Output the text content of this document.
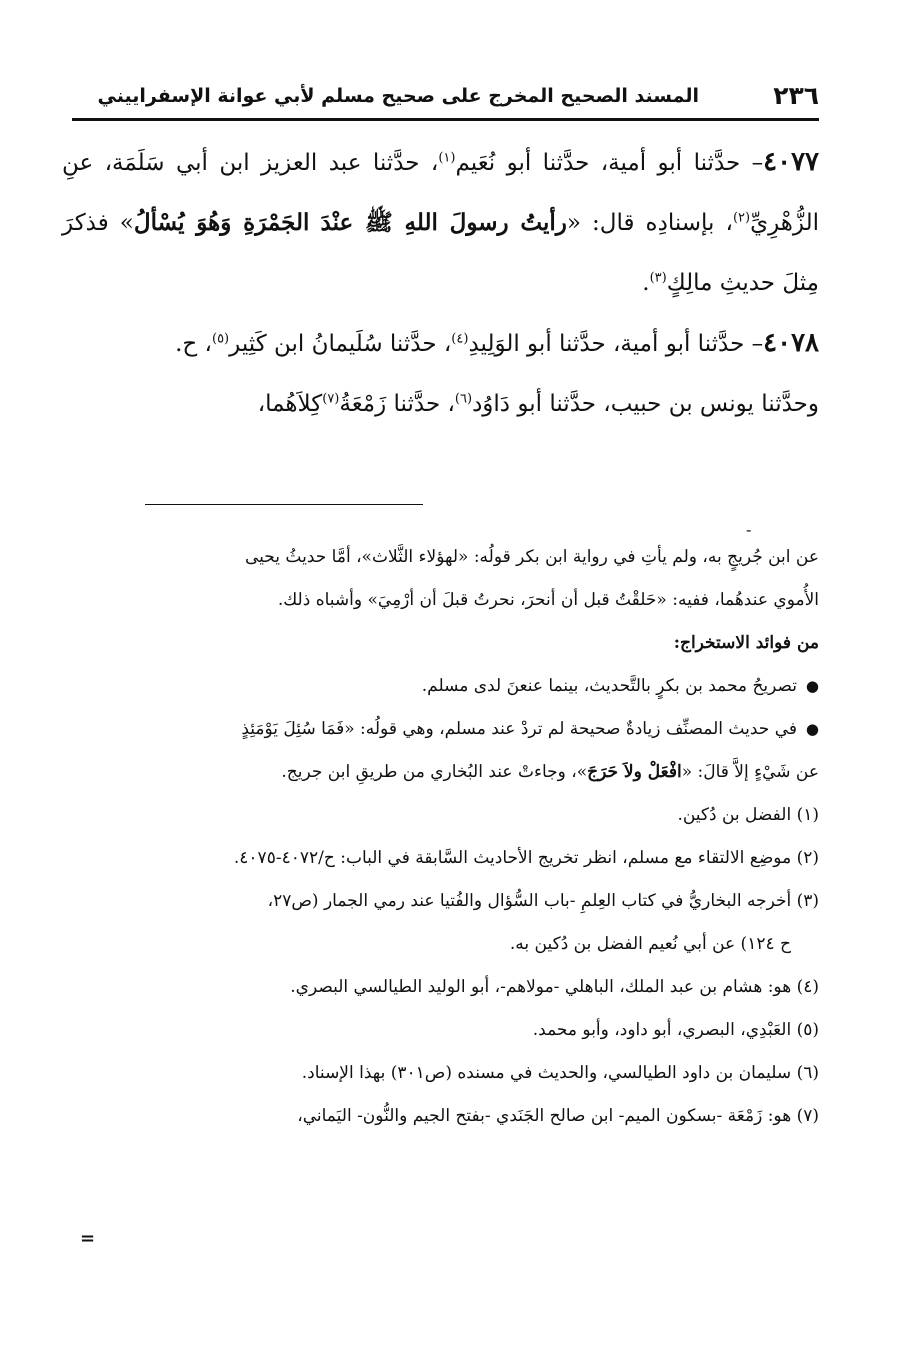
٢٣٦
المسند الصحيح المخرج على صحيح مسلم لأبي عوانة الإسفراييني

٤٠٧٧– حدَّثنا أبو أمية، حدَّثنا أبو نُعَيم$^{(١)}$، حدَّثنا عبد العزيز ابن أبي سَلَمَة، عنِ الزُّهْرِيِّ$^{(٢)}$، بإسنادِه قال: «رأيتُ رسولَ اللهِ ﷺ عنْدَ الجَمْرَةِ وَهُوَ يُسْألُ» فذكرَ مِثلَ حديثِ مالِكٍ$^{(٣)}$.

٤٠٧٨– حدَّثنا أبو أمية، حدَّثنا أبو الوَلِيدِ$^{(٤)}$، حدَّثنا سُلَيمانُ ابن كَثِير$^{(٥)}$، ح.

وحدَّثنا يونس بن حبيب، حدَّثنا أبو دَاوُد$^{(٦)}$، حدَّثنا زَمْعَةُ$^{(٧)}$كِلاَهُما،

-

عن ابن جُريجٍ به، ولم يأتِ في رواية ابن بكر قولُه: «لهؤلاء الثَّلاث»، أمَّا حديثُ يحيى

الأُموي عندهُما، ففيه: «حَلقْتُ قبل أن أنحرَ، نحرتُ قبلَ أن أرْمِيَ» وأشباه ذلك.

من فوائد الاستخراج:

● تصريحُ محمد بن بكرٍ بالتَّحديث، بينما عنعنَ لدى مسلم.

● في حديث المصنِّف زيادةٌ صحيحة لم تردْ عند مسلم، وهي قولُه: «فَمَا سُئِلَ يَوْمَئِذٍ

عن شَيْءٍ إلاَّ قالَ: «افْعَلْ ولاَ حَرَجَ»، وجاءتْ عند البُخاري من طريقِ ابن جريج.

(١) الفضل بن دُكين.

(٢) موضِع الالتقاء مع مسلم، انظر تخريج الأحاديث السَّابقة في الباب: ح/٤٠٧٢-٤٠٧٥.

(٣) أخرجه البخاريُّ في كتاب العِلمِ -باب السُّؤال والفُتيا عند رمي الجمار (ص٢٧،

ح ١٢٤) عن أبي نُعيم الفضل بن دُكين به.

(٤) هو: هشام بن عبد الملك، الباهلي -مولاهم-، أبو الوليد الطيالسي البصري.

(٥) العَبْدِي، البصري، أبو داود، وأبو محمد.

(٦) سليمان بن داود الطيالسي، والحديث في مسنده (ص٣٠١) بهذا الإسناد.

(٧) هو: زَمْعَة -بسكون الميم- ابن صالح الجَنَدي -بفتح الجيم والنُّون- اليَماني،

=
